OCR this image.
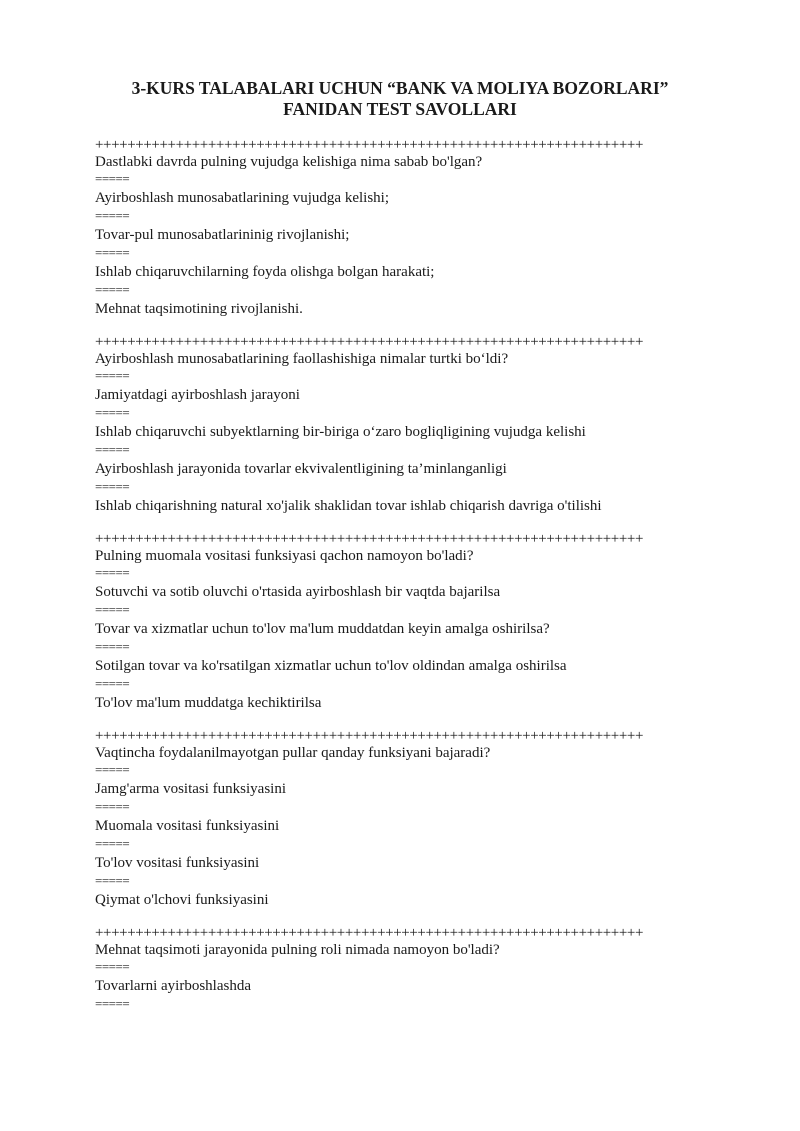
3-KURS TALABALARI UCHUN “BANK VA MOLIYA BOZORLARI”
FANIDAN TEST SAVOLLARI
++++++++++++++++++++++++++++++++++++++++++++++++++++++++++++++++++++
Dastlabki davrda pulning vujudga kelishiga nima sabab bo'lgan?
=====
Ayirboshlash munosabatlarining vujudga kelishi;
=====
Tovar-pul munosabatlarininig rivojlanishi;
=====
Ishlab chiqaruvchilarning foyda olishga bolgan harakati;
=====
Mehnat taqsimotining rivojlanishi.
++++++++++++++++++++++++++++++++++++++++++++++++++++++++++++++++++++
Ayirboshlash munosabatlarining faollashishiga nimalar turtki bo‘ldi?
=====
Jamiyatdagi ayirboshlash jarayoni
=====
Ishlab chiqaruvchi subyektlarning bir-biriga o‘zaro bogliqligining vujudga kelishi
=====
Ayirboshlash jarayonida tovarlar ekvivalentligining ta’minlanganligi
=====
Ishlab chiqarishning natural xo'jalik shaklidan tovar ishlab chiqarish davriga o'tilishi
++++++++++++++++++++++++++++++++++++++++++++++++++++++++++++++++++++
Pulning muomala vositasi funksiyasi qachon namoyon bo'ladi?
=====
Sotuvchi va sotib oluvchi o'rtasida ayirboshlash bir vaqtda bajarilsa
=====
Tovar va xizmatlar uchun to'lov ma'lum muddatdan keyin amalga oshirilsa?
=====
Sotilgan tovar va ko'rsatilgan xizmatlar uchun to'lov oldindan amalga oshirilsa
=====
To'lov ma'lum muddatga kechiktirilsa
++++++++++++++++++++++++++++++++++++++++++++++++++++++++++++++++++++
Vaqtincha foydalanilmayotgan pullar qanday funksiyani bajaradi?
=====
Jamg'arma vositasi funksiyasini
=====
Muomala vositasi funksiyasini
=====
To'lov vositasi funksiyasini
=====
Qiymat o'lchovi funksiyasini
++++++++++++++++++++++++++++++++++++++++++++++++++++++++++++++++++++
Mehnat taqsimoti jarayonida pulning roli nimada namoyon bo'ladi?
=====
Tovarlarni ayirboshlashda
=====
